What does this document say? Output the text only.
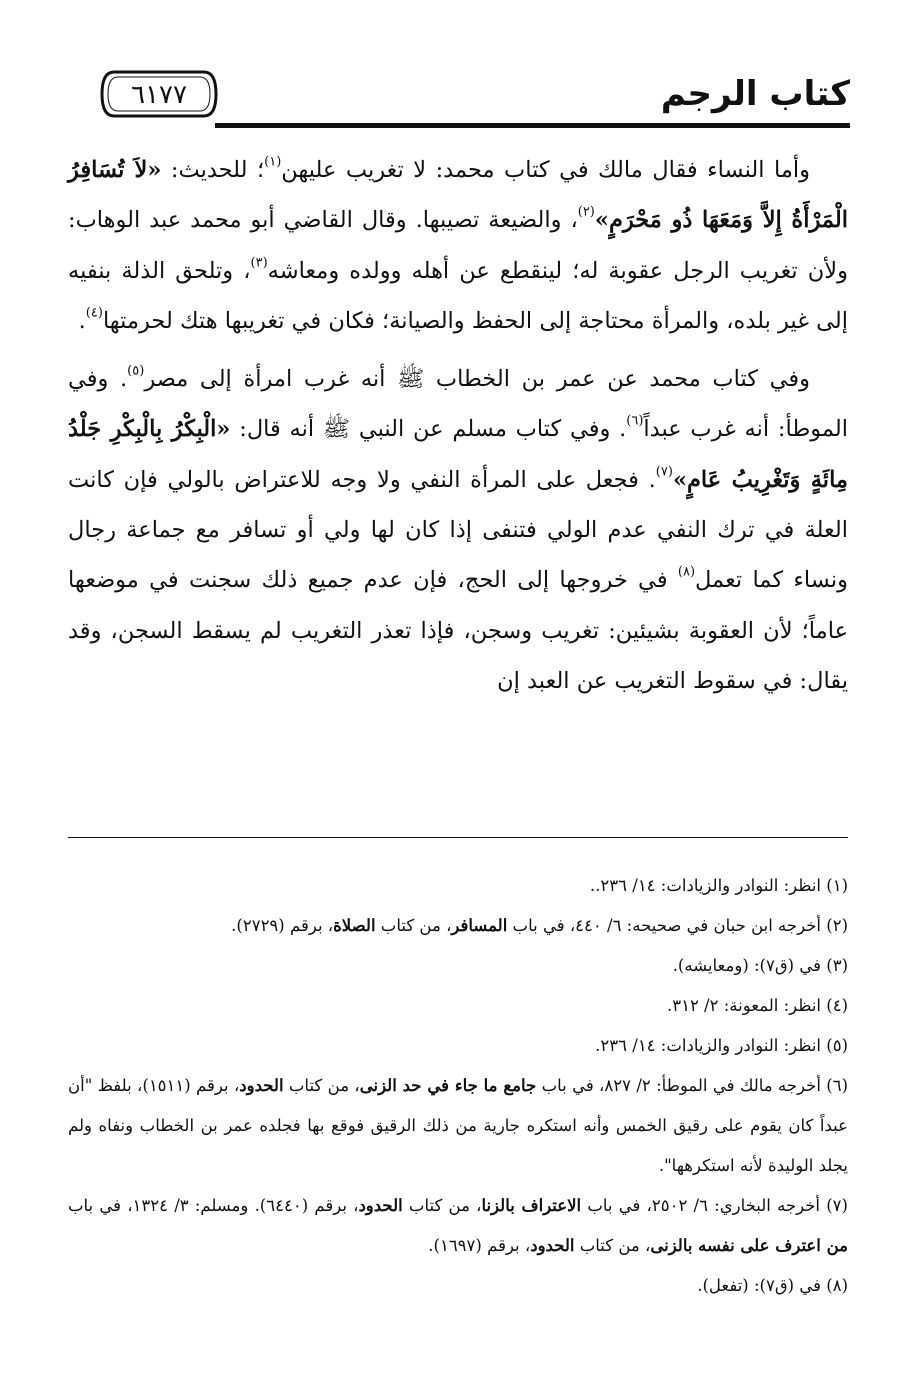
كتاب الرجم
٦١٧٧

وأما النساء فقال مالك في كتاب محمد: لا تغريب عليهن$^{(١)}$؛ للحديث: «لاَ تُسَافِرُ الْمَرْأَةُ إِلاَّ وَمَعَهَا ذُو مَحْرَمٍ»$^{(٢)}$، والضيعة تصيبها. وقال القاضي أبو محمد عبد الوهاب: ولأن تغريب الرجل عقوبة له؛ لينقطع عن أهله وولده ومعاشه$^{(٣)}$، وتلحق الذلة بنفيه إلى غير بلده، والمرأة محتاجة إلى الحفظ والصيانة؛ فكان في تغريبها هتك لحرمتها$^{(٤)}$.

وفي كتاب محمد عن عمر بن الخطاب ﷺ أنه غرب امرأة إلى مصر$^{(٥)}$. وفي الموطأ: أنه غرب عبداً$^{(٦)}$. وفي كتاب مسلم عن النبي ﷺ أنه قال: «الْبِكْرُ بِالْبِكْرِ جَلْدُ مِائَةٍ وَتَغْرِيبُ عَامٍ»$^{(٧)}$. فجعل على المرأة النفي ولا وجه للاعتراض بالولي فإن كانت العلة في ترك النفي عدم الولي فتنفى إذا كان لها ولي أو تسافر مع جماعة رجال ونساء كما تعمل$^{(٨)}$ في خروجها إلى الحج، فإن عدم جميع ذلك سجنت في موضعها عاماً؛ لأن العقوبة بشيئين: تغريب وسجن، فإذا تعذر التغريب لم يسقط السجن، وقد يقال: في سقوط التغريب عن العبد إن

(١) انظر: النوادر والزيادات: ١٤/ ٢٣٦..

(٢) أخرجه ابن حبان في صحيحه: ٦/ ٤٤٠، في باب المسافر، من كتاب الصلاة، برقم (٢٧٢٩).

(٣) في (ق٧): (ومعايشه).

(٤) انظر: المعونة: ٢/ ٣١٢.

(٥) انظر: النوادر والزيادات: ١٤/ ٢٣٦.

(٦) أخرجه مالك في الموطأ: ٢/ ٨٢٧، في باب جامع ما جاء في حد الزنى، من كتاب الحدود، برقم (١٥١١)، بلفظ "أن عبداً كان يقوم على رقيق الخمس وأنه استكره جارية من ذلك الرقيق فوقع بها فجلده عمر بن الخطاب ونفاه ولم يجلد الوليدة لأنه استكرهها".

(٧) أخرجه البخاري: ٦/ ٢٥٠٢، في باب الاعتراف بالزنا، من كتاب الحدود، برقم (٦٤٤٠). ومسلم: ٣/ ١٣٢٤، في باب من اعترف على نفسه بالزنى، من كتاب الحدود، برقم (١٦٩٧).

(٨) في (ق٧): (تفعل).
